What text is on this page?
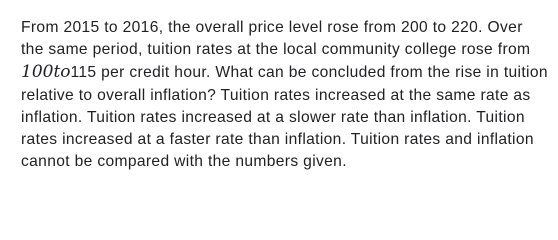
From 2015 to 2016, the overall price level rose from 200 to 220. Over the same period, tuition rates at the local community college rose from 100to115 per credit hour. What can be concluded from the rise in tuition relative to overall inflation? Tuition rates increased at the same rate as inflation. Tuition rates increased at a slower rate than inflation. Tuition rates increased at a faster rate than inflation. Tuition rates and inflation cannot be compared with the numbers given.
